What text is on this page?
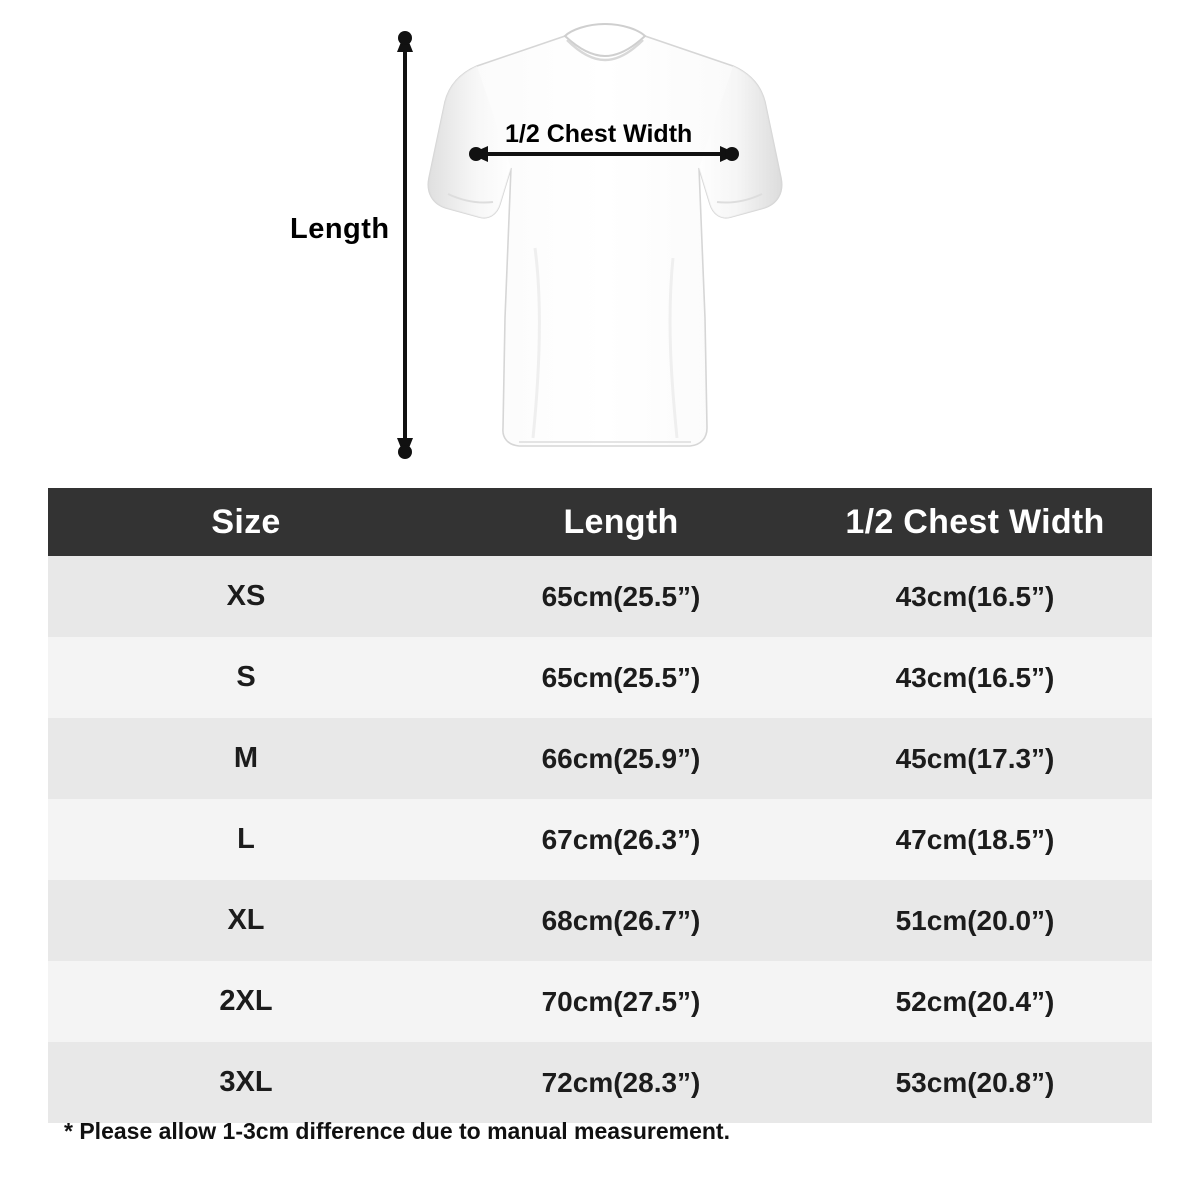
Length
1/2 Chest Width
Size	Length	1/2 Chest Width
XS	65cm(25.5”)	43cm(16.5”)
S	65cm(25.5”)	43cm(16.5”)
M	66cm(25.9”)	45cm(17.3”)
L	67cm(26.3”)	47cm(18.5”)
XL	68cm(26.7”)	51cm(20.0”)
2XL	70cm(27.5”)	52cm(20.4”)
3XL	72cm(28.3”)	53cm(20.8”)
* Please allow 1-3cm difference due to manual measurement.
